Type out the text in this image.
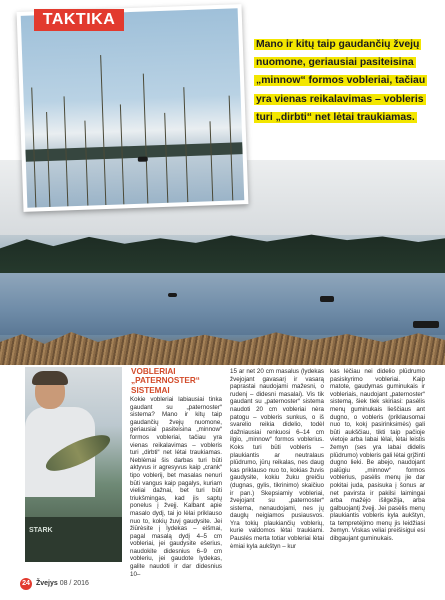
TAKTIKA
Mano ir kitų taip gaudančių žvejų nuomone, geriausiai pasiteisina „minnow“ formos vobleriai, tačiau yra vienas reikalavimas – vobleris turi „dirbti“ net lėtai traukiamas.
STARK
VOBLERIAI „PATERNOSTER“ SISTEMAI

Kokie vobleriai labiausiai tinka gaudant su „paternoster“ sistema? Mano ir kitų taip gaudančių žvejų nuomone, geriausiai pasiteisina „minnow“ formos vobleriai, tačiau yra vienas reikalavimas – vobleris turi „dirbti“ net lėtai traukiamas. Neblėmai šis darbas turi būti aktyvus ir agresyvus kaip „crank“ tipo vobleriį, bet masalas nenuri būti vangus kaip pagalys, kuriam vieliai dažnai, bet turi būti triukšmingas, kad jis saptų ponelus į žvejį. Kalbant apie masalo dydį, tai jo lėlai priklauso nuo to, kokių žuvį gaudysite. Jei žiūrėsite į lydekas – eišmai, pagal masalą dydį 4–5 cm vobleriai, jei gaudysite ešerius, naudokite didesnius 6–9 cm vobleriu, jei gaudote lydekas, galite naudoti ir dar didesnius 10–

15 ar net 20 cm masalus (lydekas žvejojant gavasarį ir vasarą paprastai naudojami mažesni, o rudenį – didesni masalai). Vis tik gaudant su „paternoster“ sistema naudoti 20 cm vobleriai nėra patogu – vobleris sunkus, o iš svarelio reikia didelio, todėl dažniausiai renkuosi 6–14 cm ilgio, „minnow“ formos voblerius. Koks turi būti vobleris – plaukiantis ar neutralaus plūdrumo, jūrų reikalas, nes daug kas priklauso nuo to, kokias žuvis gaudysite, kokiu žuku greičiu (dugnas, gylis, tikrinimo) skaičiuo ir pan.) Skepsiamiy vobleriai, žvejojant su „paternoster“ sistema, nenaudojami, nes jų dauglų neigiamos pusiausvos. Yra tokių plaukiančių voblerių, kurie valdomos lėtai traukiami. Pauslės merta totiar vobleriai lėtai ėmiai kyla aukštyn – kur

kas lėčiau nei didelio plūdrumo pasiskyrimo vobleriai. Kaip matote, gaudymas guminukais ir vobleriais, naudojant „paternoster“ sistemą, šiek tiek skiriasi: pasėlis menų guminukais lieščiaus ant dugno, o vobleris (priklausomai nuo to, kokį pasirinksimės) gali būti aukščiau, tikti taip pačioje vietoje arba labai lėlai, lėtai leistis žemyn (ses yra labai didelis plūdrumo) vobleris gali lėtai grįžinti dugno lieki. Be abejo, naudojant palūgiu „minnow“ formos voblerius, pasėlis menų jie dar pokitai juda, pasisuka į šonus ar net pavirsta ir pakilsi laimingai arba mažėjo išilgežija, arba galbuojantį žvejį. Jei pasėlis menų plaukiantis vobleris kyla aukštyn, ta tempretėjimo menų jis leidžiasi žemyn. Viskas veliai preišisigui esi dibgaujant guminukais.

24 Žvejys 08 / 2016
